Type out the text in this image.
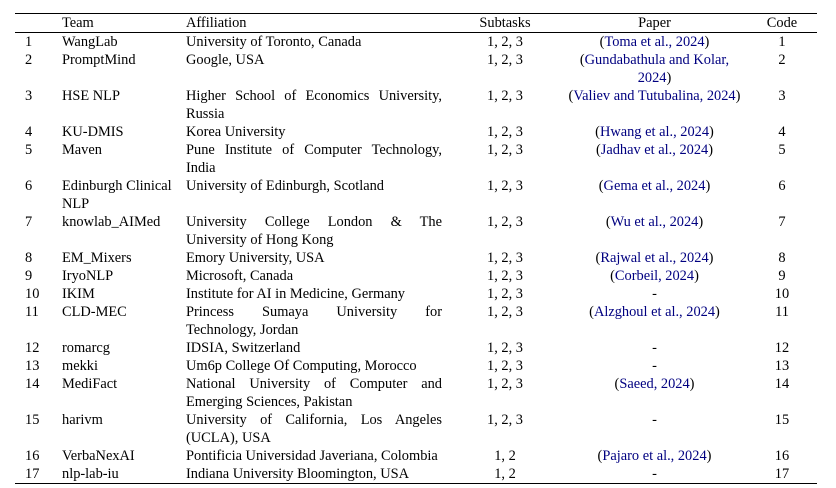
	Team	Affiliation	Subtasks	Paper	Code
1	WangLab	University of Toronto, Canada	1, 2, 3	(Toma et al., 2024)	1
2	PromptMind	Google, USA	1, 2, 3	(Gundabathula and Kolar, 2024)	2
3	HSE NLP	Higher School of Economics University, Russia	1, 2, 3	(Valiev and Tutubalina, 2024)	3
4	KU-DMIS	Korea University	1, 2, 3	(Hwang et al., 2024)	4
5	Maven	Pune Institute of Computer Technology, India	1, 2, 3	(Jadhav et al., 2024)	5
6	Edinburgh Clinical NLP	University of Edinburgh, Scotland	1, 2, 3	(Gema et al., 2024)	6
7	knowlab_AIMed	University College London & The University of Hong Kong	1, 2, 3	(Wu et al., 2024)	7
8	EM_Mixers	Emory University, USA	1, 2, 3	(Rajwal et al., 2024)	8
9	IryoNLP	Microsoft, Canada	1, 2, 3	(Corbeil, 2024)	9
10	IKIM	Institute for AI in Medicine, Germany	1, 2, 3	-	10
11	CLD-MEC	Princess Sumaya University for Technology, Jordan	1, 2, 3	(Alzghoul et al., 2024)	11
12	romarcg	IDSIA, Switzerland	1, 2, 3	-	12
13	mekki	Um6p College Of Computing, Morocco	1, 2, 3	-	13
14	MediFact	National University of Computer and Emerging Sciences, Pakistan	1, 2, 3	(Saeed, 2024)	14
15	harivm	University of California, Los Angeles (UCLA), USA	1, 2, 3	-	15
16	VerbaNexAI	Pontificia Universidad Javeriana, Colombia	1, 2	(Pajaro et al., 2024)	16
17	nlp-lab-iu	Indiana University Bloomington, USA	1, 2	-	17
